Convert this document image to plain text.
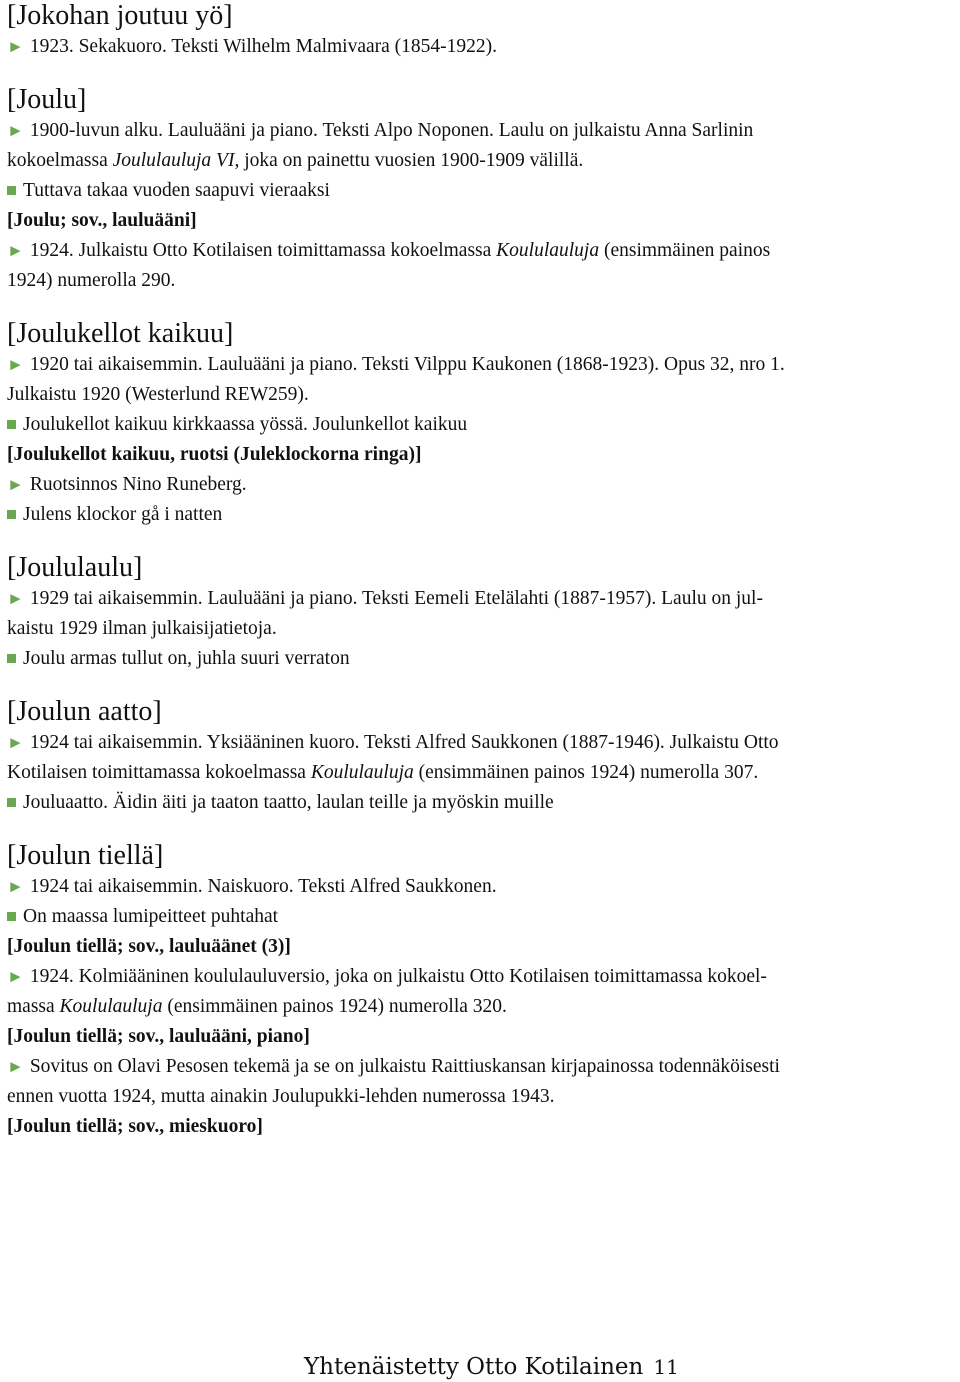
[Jokohan joutuu yö]

► 1923. Sekakuoro. Teksti Wilhelm Malmivaara (1854-1922).

[Joulu]

► 1900-luvun alku. Lauluääni ja piano. Teksti Alpo Noponen. Laulu on julkaistu Anna Sarlinin
kokoelmassa Joululauluja VI, joka on painettu vuosien 1900-1909 välillä.

Tuttava takaa vuoden saapuvi vieraaksi

[Joulu; sov., lauluääni]

► 1924. Julkaistu Otto Kotilaisen toimittamassa kokoelmassa Koululauluja (ensimmäinen painos
1924) numerolla 290.

[Joulukellot kaikuu]

► 1920 tai aikaisemmin. Lauluääni ja piano. Teksti Vilppu Kaukonen (1868-1923). Opus 32, nro 1.
Julkaistu 1920 (Westerlund REW259).

Joulukellot kaikuu kirkkaassa yössä. Joulunkellot kaikuu

[Joulukellot kaikuu, ruotsi (Juleklockorna ringa)]

► Ruotsinnos Nino Runeberg.

Julens klockor gå i natten

[Joululaulu]

► 1929 tai aikaisemmin. Lauluääni ja piano. Teksti Eemeli Etelälahti (1887-1957). Laulu on jul-
kaistu 1929 ilman julkaisijatietoja.

Joulu armas tullut on, juhla suuri verraton

[Joulun aatto]

► 1924 tai aikaisemmin. Yksiääninen kuoro. Teksti Alfred Saukkonen (1887-1946). Julkaistu Otto
Kotilaisen toimittamassa kokoelmassa Koululauluja (ensimmäinen painos 1924) numerolla 307.

Jouluaatto. Äidin äiti ja taaton taatto, laulan teille ja myöskin muille

[Joulun tiellä]

► 1924 tai aikaisemmin. Naiskuoro. Teksti Alfred Saukkonen.

On maassa lumipeitteet puhtahat

[Joulun tiellä; sov., lauluäänet (3)]

► 1924. Kolmiääninen koululauluversio, joka on julkaistu Otto Kotilaisen toimittamassa kokoel-
massa Koululauluja (ensimmäinen painos 1924) numerolla 320.

[Joulun tiellä; sov., lauluääni, piano]

► Sovitus on Olavi Pesosen tekemä ja se on julkaistu Raittiuskansan kirjapainossa todennäköisesti
ennen vuotta 1924, mutta ainakin Joulupukki-lehden numerossa 1943.

[Joulun tiellä; sov., mieskuoro]

Yhtenäistetty Otto Kotilainen 11
